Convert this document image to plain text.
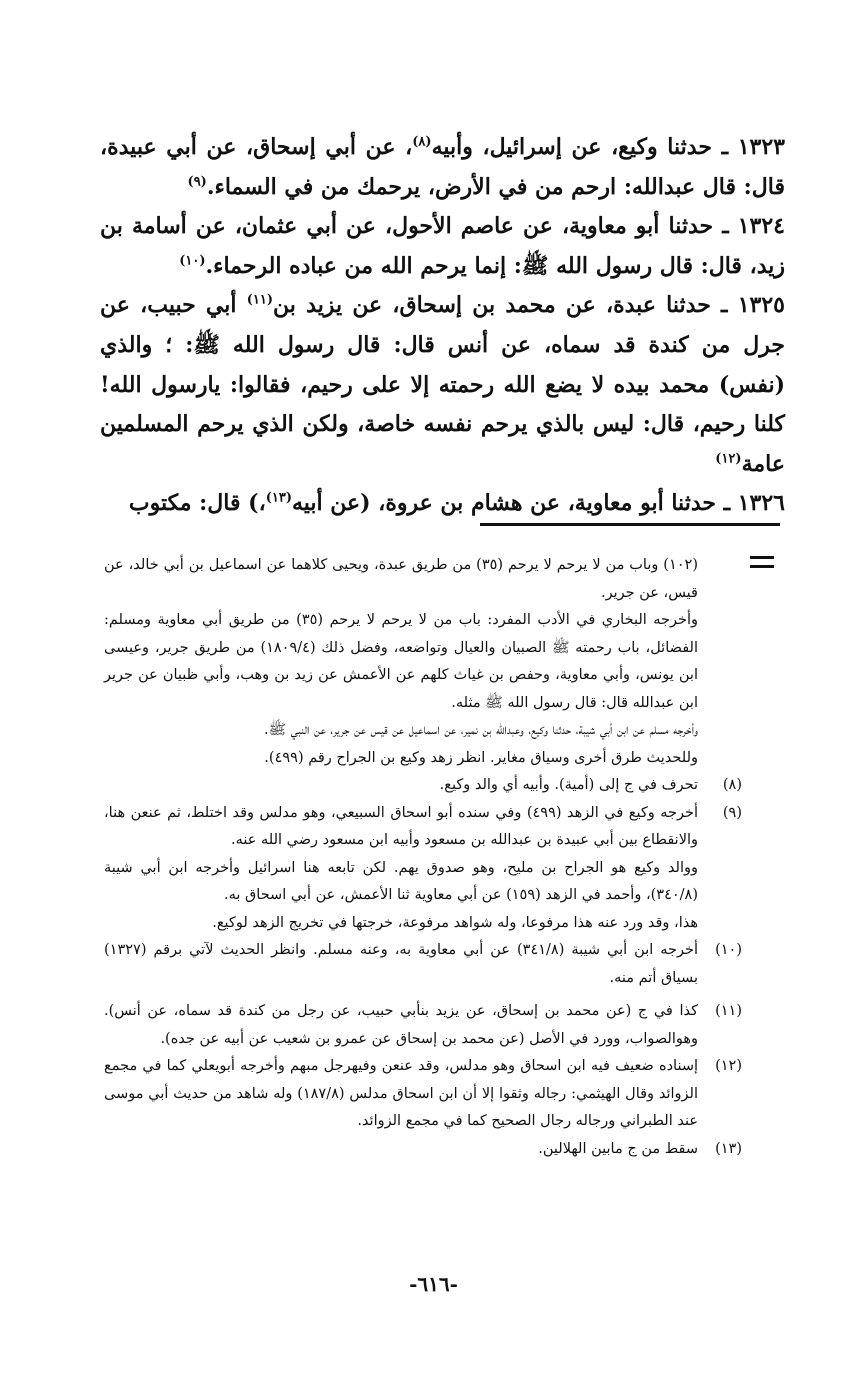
١٣٢٣ ـ حدثنا وكيع، عن إسرائيل، وأبيه$^{(٨)}$، عن أبي إسحاق، عن أبي عبيدة، قال: قال عبدالله: ارحم من في الأرض، يرحمك من في السماء.$^{(٩)}$

١٣٢٤ ـ حدثنا أبو معاوية، عن عاصم الأحول، عن أبي عثمان، عن أسامة بن زيد، قال: قال رسول الله ﷺ: إنما يرحم الله من عباده الرحماء.$^{(١٠)}$

١٣٢٥ ـ حدثنا عبدة، عن محمد بن إسحاق، عن يزيد بن$^{(١١)}$ أبي حبيب، عن جرل من كندة قد سماه، عن أنس قال: قال رسول الله ﷺ: ؛ والذي (نفس) محمد بيده لا يضع الله رحمته إلا على رحيم، فقالوا: يارسول الله! كلنا رحيم، قال: ليس بالذي يرحم نفسه خاصة، ولكن الذي يرحم المسلمين عامة$^{(١٢)}$

١٣٢٦ ـ حدثنا أبو معاوية، عن هشام بن عروة، (عن أبيه$^{(١٣)}$،) قال: مكتوب

(١٠٢) وباب من لا يرحم لا يرحم (٣٥) من طريق عبدة، ويحيى كلاهما عن اسماعيل بن أبي خالد، عن قيس، عن جرير.

وأخرجه البخاري في الأدب المفرد: باب من لا يرحم لا يرحم (٣٥) من طريق أبي معاوية ومسلم: الفضائل، باب رحمته ﷺ الصبيان والعيال وتواضعه، وفضل ذلك (١٨٠٩/٤) من طريق جرير، وعيسى ابن يونس، وأبي معاوية، وحفص بن غياث كلهم عن الأعمش عن زيد بن وهب، وأبي ظبيان عن جرير ابن عبدالله قال: قال رسول الله ﷺ مثله.

وأخرجه مسلم عن ابن أبي شيبة، حدثنا وكيع، وعبدالله بن نمير، عن اسماعيل عن قيس عن جرير، عن النبي ﷺ.

وللحديث طرق أخرى وسياق مغاير. انظر زهد وكيع بن الجراح رقم (٤٩٩).

(٨)

تحرف في ج إلى (أمية). وأبيه أي والد وكيع.

(٩)

أخرجه وكيع في الزهد (٤٩٩) وفي سنده أبو اسحاق السبيعي، وهو مدلس وقد اختلط، ثم عنعن هنا، والانقطاع بين أبي عبيدة بن عبدالله بن مسعود وأبيه ابن مسعود رضي الله عنه.

ووالد وكيع هو الجراح بن مليح، وهو صدوق يهم. لكن تابعه هنا اسرائيل وأخرجه ابن أبي شيبة (٣٤٠/٨)، وأحمد في الزهد (١٥٩) عن أبي معاوية ثنا الأعمش، عن أبي اسحاق به.

هذا، وقد ورد عنه هذا مرفوعا، وله شواهد مرفوعة، خرجتها في تخريج الزهد لوكيع.

(١٠)

أخرجه ابن أبي شيبة (٣٤١/٨) عن أبي معاوية به، وعنه مسلم. وانظر الحديث لآتي برقم (١٣٢٧) بسياق أتم منه.

(١١)

كذا في ج (عن محمد بن إسحاق، عن يزيد بنأبي حبيب، عن رجل من كندة قد سماه، عن أنس). وهوالصواب، وورد في الأصل (عن محمد بن إسحاق عن عمرو بن شعيب عن أبيه عن جده).

(١٢)

إسناده ضعيف فيه ابن اسحاق وهو مدلس، وقد عنعن وفيهرجل مبهم وأخرجه أبويعلي كما في مجمع الزوائد وقال الهيثمي: رجاله وثقوا إلا أن ابن اسحاق مدلس (١٨٧/٨) وله شاهد من حديث أبي موسى عند الطبراني ورجاله رجال الصحيح كما في مجمع الزوائد.

(١٣)

سقط من ج مابين الهلالين.

-٦١٦-
